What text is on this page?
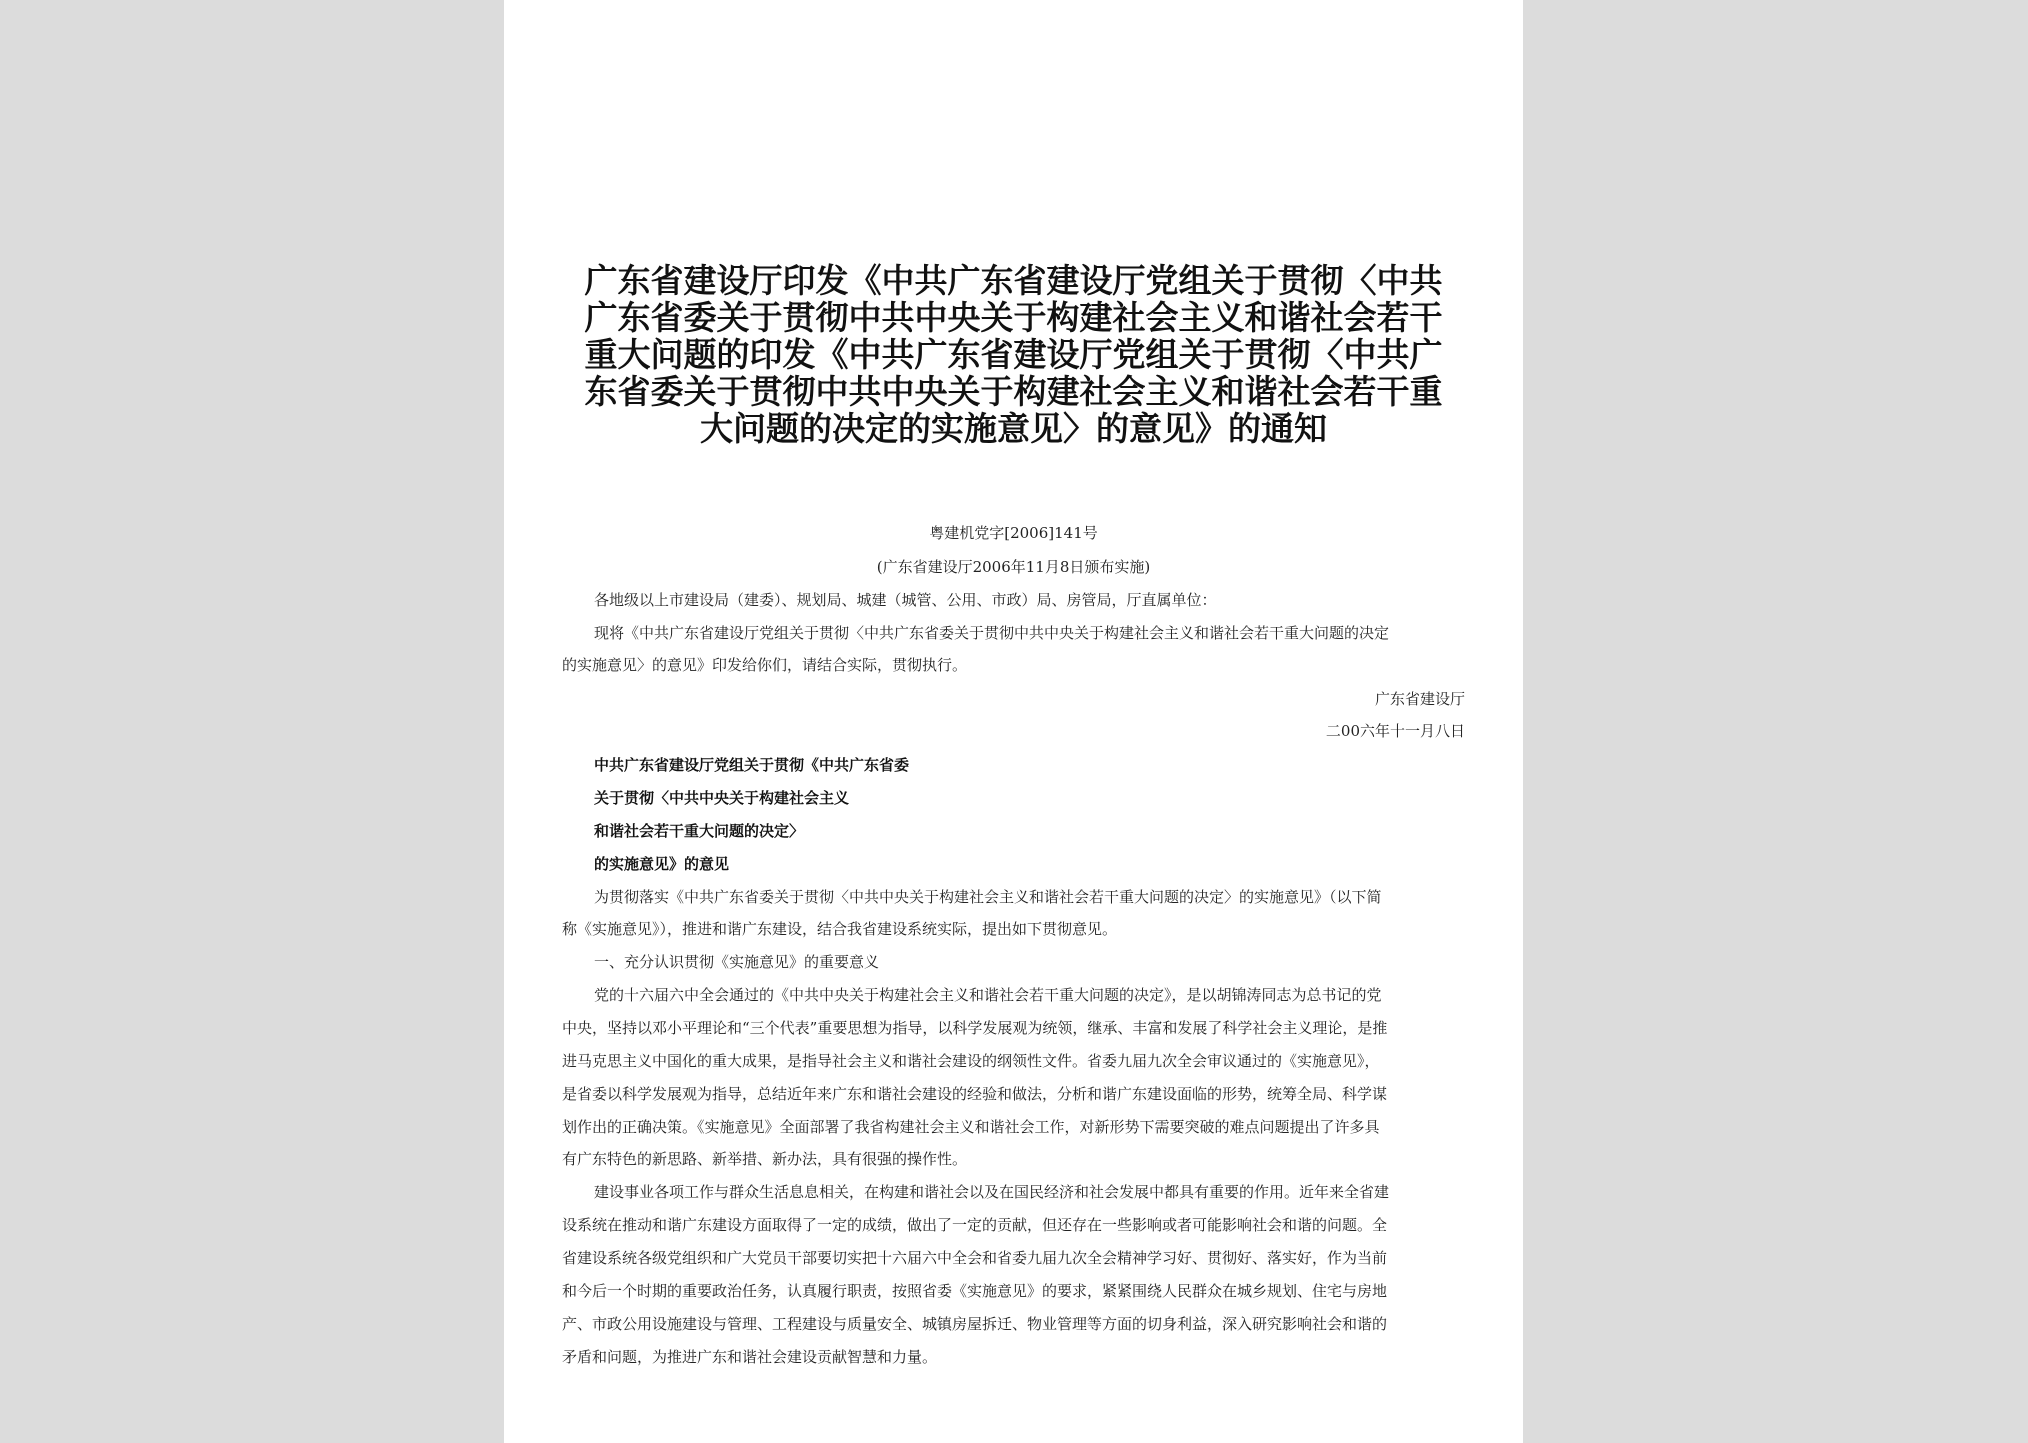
广东省建设厅印发《中共广东省建设厅党组关于贯彻〈中共广东省委关于贯彻中共中央关于构建社会主义和谐社会若干重大问题的印发《中共广东省建设厅党组关于贯彻〈中共广东省委关于贯彻中共中央关于构建社会主义和谐社会若干重大问题的决定的实施意见〉的意见》的通知

粤建机党字[2006]141号

(广东省建设厅2006年11月8日颁布实施)

各地级以上市建设局（建委）、规划局、城建（城管、公用、市政）局、房管局，厅直属单位：

现将《中共广东省建设厅党组关于贯彻〈中共广东省委关于贯彻中共中央关于构建社会主义和谐社会若干重大问题的决定

的实施意见〉的意见》印发给你们，请结合实际，贯彻执行。

广东省建设厅

二00六年十一月八日

中共广东省建设厅党组关于贯彻《中共广东省委

关于贯彻〈中共中央关于构建社会主义

和谐社会若干重大问题的决定〉

的实施意见》的意见

为贯彻落实《中共广东省委关于贯彻〈中共中央关于构建社会主义和谐社会若干重大问题的决定〉的实施意见》（以下简

称《实施意见》），推进和谐广东建设，结合我省建设系统实际，提出如下贯彻意见。

一、充分认识贯彻《实施意见》的重要意义

党的十六届六中全会通过的《中共中央关于构建社会主义和谐社会若干重大问题的决定》，是以胡锦涛同志为总书记的党

中央，坚持以邓小平理论和“三个代表”重要思想为指导，以科学发展观为统领，继承、丰富和发展了科学社会主义理论，是推

进马克思主义中国化的重大成果，是指导社会主义和谐社会建设的纲领性文件。省委九届九次全会审议通过的《实施意见》，

是省委以科学发展观为指导，总结近年来广东和谐社会建设的经验和做法，分析和谐广东建设面临的形势，统筹全局、科学谋

划作出的正确决策。《实施意见》全面部署了我省构建社会主义和谐社会工作，对新形势下需要突破的难点问题提出了许多具

有广东特色的新思路、新举措、新办法，具有很强的操作性。

建设事业各项工作与群众生活息息相关，在构建和谐社会以及在国民经济和社会发展中都具有重要的作用。近年来全省建

设系统在推动和谐广东建设方面取得了一定的成绩，做出了一定的贡献，但还存在一些影响或者可能影响社会和谐的问题。全

省建设系统各级党组织和广大党员干部要切实把十六届六中全会和省委九届九次全会精神学习好、贯彻好、落实好，作为当前

和今后一个时期的重要政治任务，认真履行职责，按照省委《实施意见》的要求，紧紧围绕人民群众在城乡规划、住宅与房地

产、市政公用设施建设与管理、工程建设与质量安全、城镇房屋拆迁、物业管理等方面的切身利益，深入研究影响社会和谐的

矛盾和问题，为推进广东和谐社会建设贡献智慧和力量。
